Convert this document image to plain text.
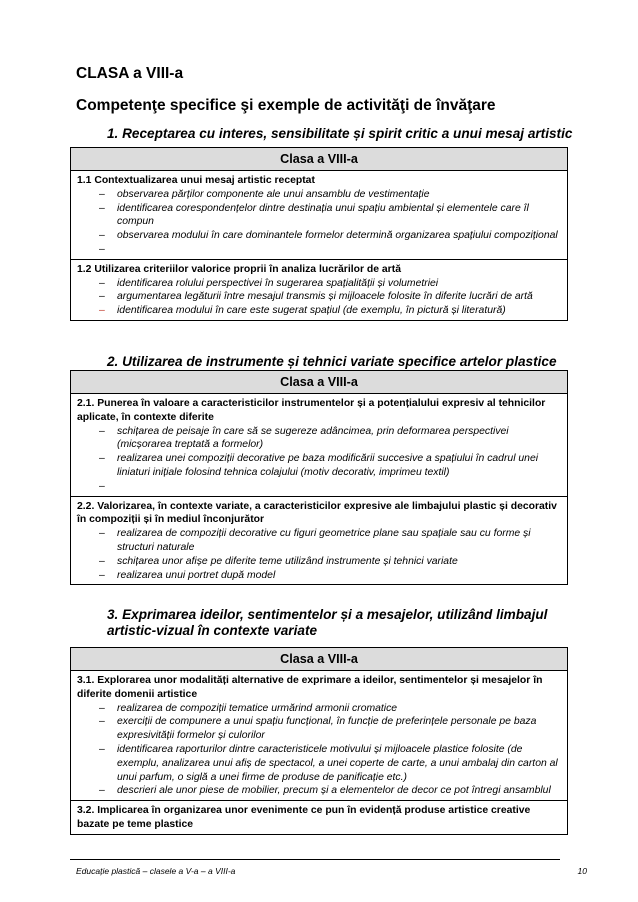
CLASA a VIII-a
Competenţe specifice şi exemple de activităţi de învăţare
1. Receptarea cu interes, sensibilitate și spirit critic a unui mesaj artistic
Clasa a VIII-a
1.1 Contextualizarea unui mesaj artistic receptat
– observarea părților componente ale unui ansamblu de vestimentație
– identificarea corespondențelor dintre destinația unui spațiu ambiental și elementele care îl compun
– observarea modului în care dominantele formelor determină organizarea spațiului compozițional
–
1.2 Utilizarea criteriilor valorice proprii în analiza lucrărilor de artă
– identificarea rolului perspectivei în sugerarea spațialității și volumetriei
– argumentarea legăturii între mesajul transmis și mijloacele folosite în diferite lucrări de artă
– identificarea modului în care este sugerat spațiul (de exemplu, în pictură și literatură)
2. Utilizarea de instrumente și tehnici variate specifice artelor plastice
Clasa a VIII-a
2.1. Punerea în valoare a caracteristicilor instrumentelor și a potențialului expresiv al tehnicilor aplicate, în contexte diferite
– schițarea de peisaje în care să se sugereze adâncimea, prin deformarea perspectivei (micșorarea treptată a formelor)
– realizarea unei compoziții decorative pe baza modificării succesive a spațiului în cadrul unei liniaturi inițiale folosind tehnica colajului (motiv decorativ, imprimeu textil)
–
2.2. Valorizarea, în contexte variate, a caracteristicilor expresive ale limbajului plastic și decorativ în compoziții și în mediul înconjurător
– realizarea de compoziții decorative cu figuri geometrice plane sau spațiale sau cu forme și structuri naturale
– schițarea unor afișe pe diferite teme utilizând instrumente și tehnici variate
– realizarea unui portret după model
3. Exprimarea ideilor, sentimentelor și a mesajelor, utilizând limbajul artistic-vizual în contexte variate
Clasa a VIII-a
3.1. Explorarea unor modalități alternative de exprimare a ideilor, sentimentelor și mesajelor în diferite domenii artistice
– realizarea de compoziții tematice urmărind armonii cromatice
– exerciții de compunere a unui spațiu funcțional, în funcție de preferințele personale pe baza expresivității formelor și culorilor
– identificarea raporturilor dintre caracteristicele motivului și mijloacele plastice folosite (de exemplu, analizarea unui afiș de spectacol, a unei coperte de carte, a unui ambalaj din carton al unui parfum, o siglă a unei firme de produse de panificație etc.)
– descrieri ale unor piese de mobilier, precum și a elementelor de decor ce pot întregi ansamblul
3.2. Implicarea în organizarea unor evenimente ce pun în evidență produse artistice creative bazate pe teme plastice
Educație plastică – clasele a V-a – a VIII-a	10
